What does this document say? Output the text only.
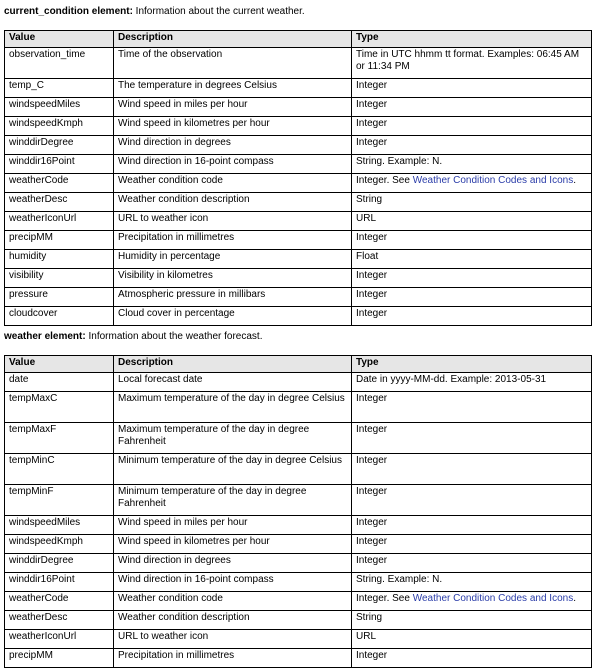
current_condition element: Information about the current weather.
Value	Description	Type
observation_time	Time of the observation	Time in UTC hhmm tt format. Examples: 06:45 AM or 11:34 PM
temp_C	The temperature in degrees Celsius	Integer
windspeedMiles	Wind speed in miles per hour	Integer
windspeedKmph	Wind speed in kilometres per hour	Integer
winddirDegree	Wind direction in degrees	Integer
winddir16Point	Wind direction in 16-point compass	String. Example: N.
weatherCode	Weather condition code	Integer. See Weather Condition Codes and Icons.
weatherDesc	Weather condition description	String
weatherIconUrl	URL to weather icon	URL
precipMM	Precipitation in millimetres	Integer
humidity	Humidity in percentage	Float
visibility	Visibility in kilometres	Integer
pressure	Atmospheric pressure in millibars	Integer
cloudcover	Cloud cover in percentage	Integer
weather element: Information about the weather forecast.
Value	Description	Type
date	Local forecast date	Date in yyyy-MM-dd. Example: 2013-05-31
tempMaxC	Maximum temperature of the day in degree Celsius	Integer
tempMaxF	Maximum temperature of the day in degree Fahrenheit	Integer
tempMinC	Minimum temperature of the day in degree Celsius	Integer
tempMinF	Minimum temperature of the day in degree Fahrenheit	Integer
windspeedMiles	Wind speed in miles per hour	Integer
windspeedKmph	Wind speed in kilometres per hour	Integer
winddirDegree	Wind direction in degrees	Integer
winddir16Point	Wind direction in 16-point compass	String. Example: N.
weatherCode	Weather condition code	Integer. See Weather Condition Codes and Icons.
weatherDesc	Weather condition description	String
weatherIconUrl	URL to weather icon	URL
precipMM	Precipitation in millimetres	Integer
